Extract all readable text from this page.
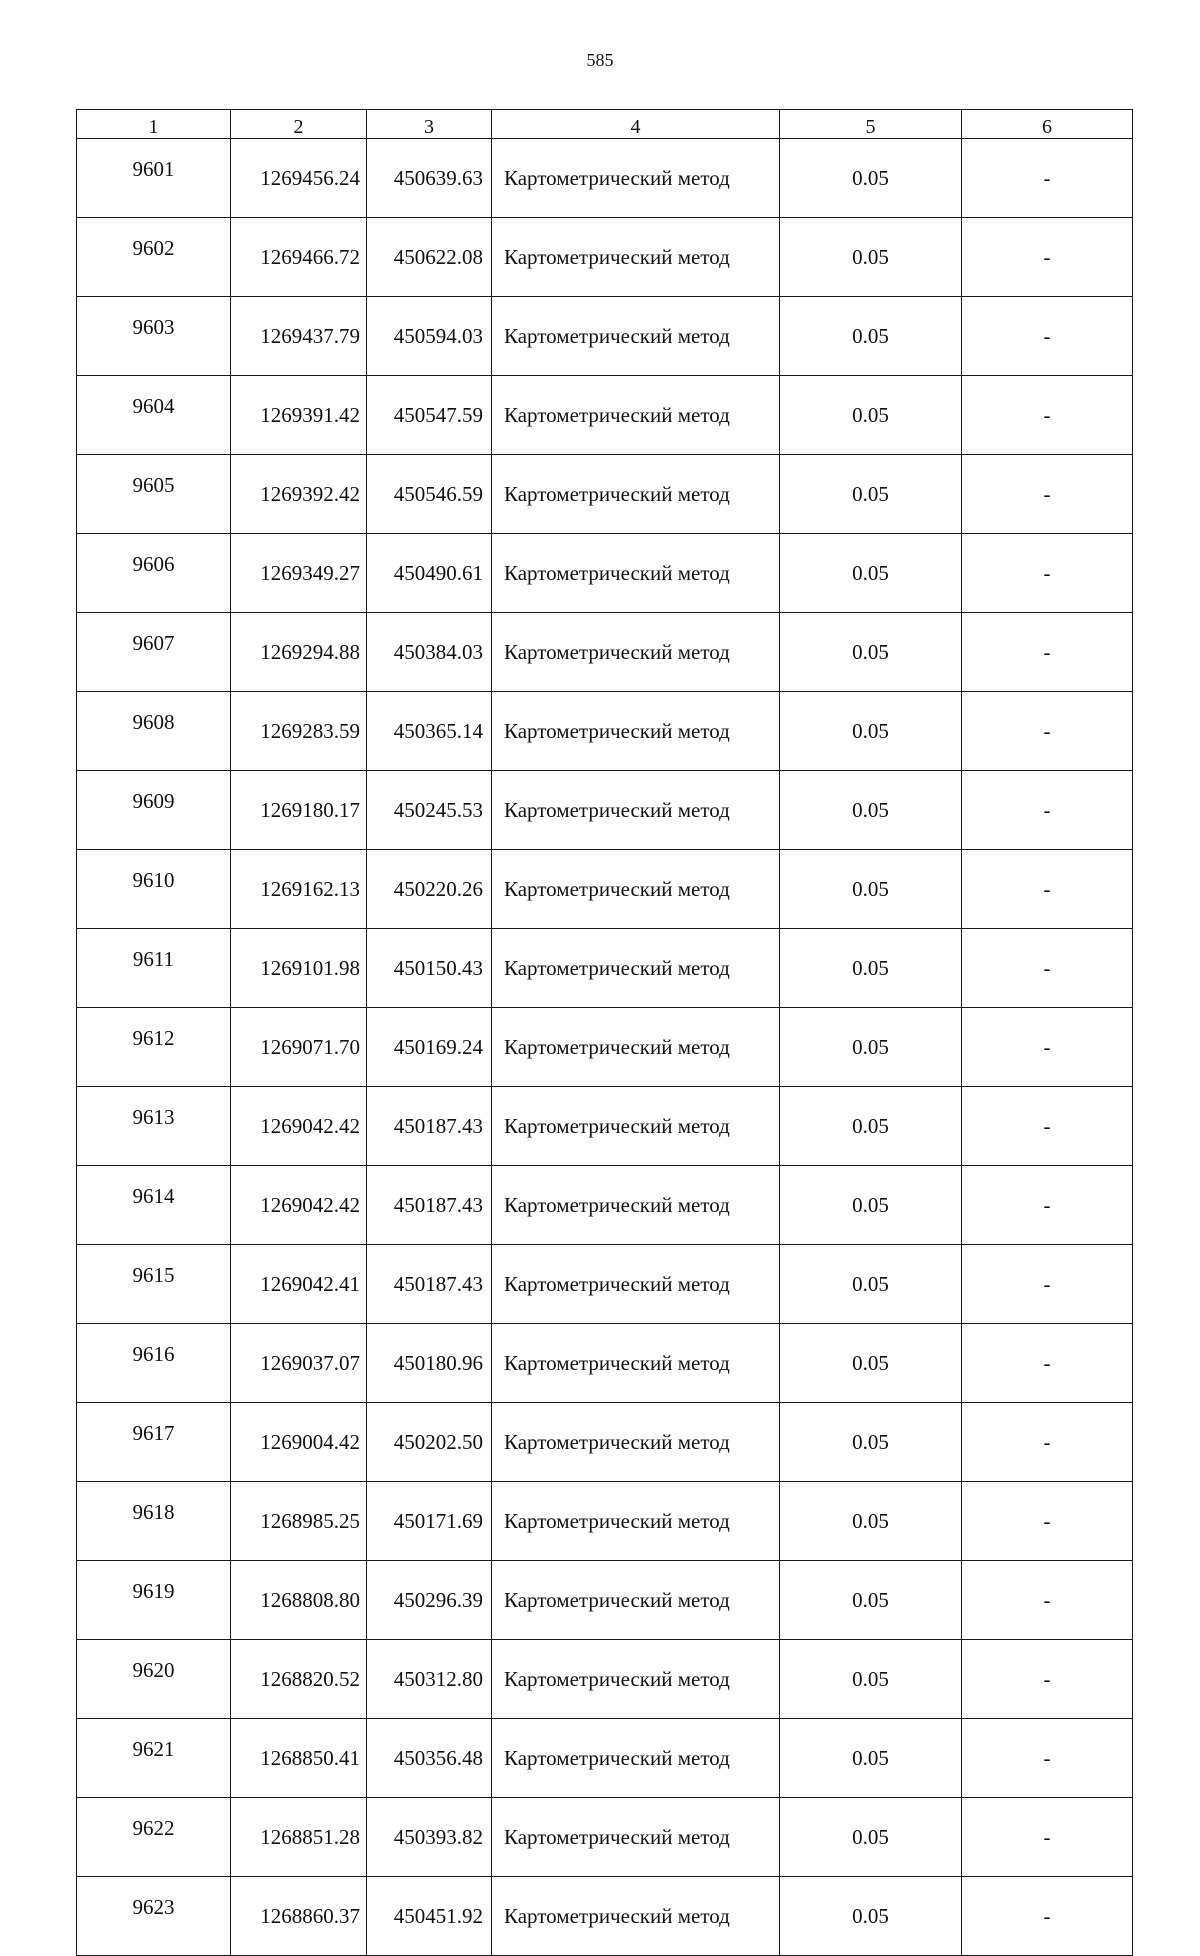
585
1	2	3	4	5	6
9601	1269456.24	450639.63	Картометрический метод	0.05	-
9602	1269466.72	450622.08	Картометрический метод	0.05	-
9603	1269437.79	450594.03	Картометрический метод	0.05	-
9604	1269391.42	450547.59	Картометрический метод	0.05	-
9605	1269392.42	450546.59	Картометрический метод	0.05	-
9606	1269349.27	450490.61	Картометрический метод	0.05	-
9607	1269294.88	450384.03	Картометрический метод	0.05	-
9608	1269283.59	450365.14	Картометрический метод	0.05	-
9609	1269180.17	450245.53	Картометрический метод	0.05	-
9610	1269162.13	450220.26	Картометрический метод	0.05	-
9611	1269101.98	450150.43	Картометрический метод	0.05	-
9612	1269071.70	450169.24	Картометрический метод	0.05	-
9613	1269042.42	450187.43	Картометрический метод	0.05	-
9614	1269042.42	450187.43	Картометрический метод	0.05	-
9615	1269042.41	450187.43	Картометрический метод	0.05	-
9616	1269037.07	450180.96	Картометрический метод	0.05	-
9617	1269004.42	450202.50	Картометрический метод	0.05	-
9618	1268985.25	450171.69	Картометрический метод	0.05	-
9619	1268808.80	450296.39	Картометрический метод	0.05	-
9620	1268820.52	450312.80	Картометрический метод	0.05	-
9621	1268850.41	450356.48	Картометрический метод	0.05	-
9622	1268851.28	450393.82	Картометрический метод	0.05	-
9623	1268860.37	450451.92	Картометрический метод	0.05	-
